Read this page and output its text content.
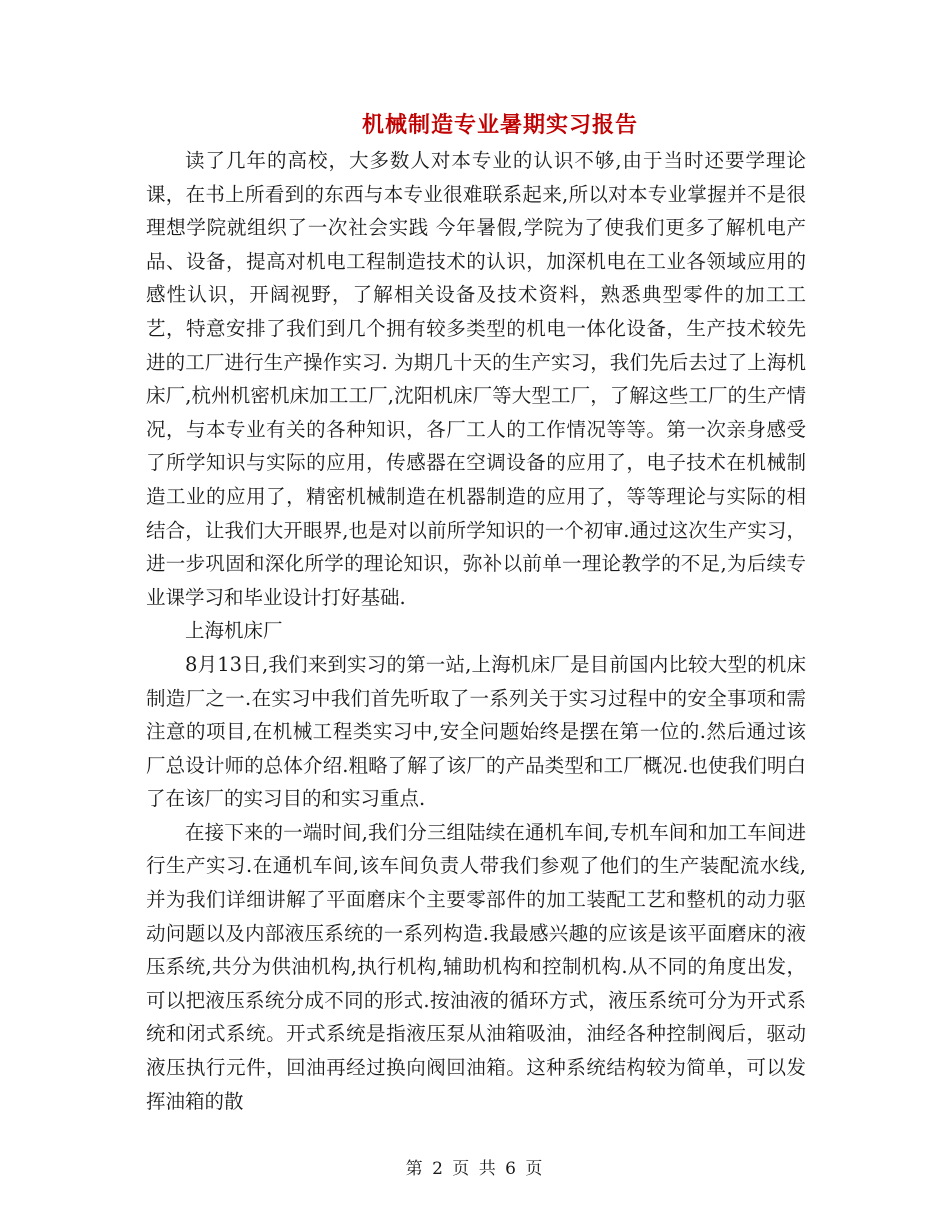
机械制造专业暑期实习报告

读了几年的高校，大多数人对本专业的认识不够,由于当时还要学理论课，在书上所看到的东西与本专业很难联系起来,所以对本专业掌握并不是很理想学院就组织了一次社会实践 今年暑假,学院为了使我们更多了解机电产品、设备，提高对机电工程制造技术的认识，加深机电在工业各领域应用的感性认识，开阔视野，了解相关设备及技术资料，熟悉典型零件的加工工艺，特意安排了我们到几个拥有较多类型的机电一体化设备，生产技术较先进的工厂进行生产操作实习. 为期几十天的生产实习，我们先后去过了上海机床厂,杭州机密机床加工工厂,沈阳机床厂等大型工厂，了解这些工厂的生产情况，与本专业有关的各种知识，各厂工人的工作情况等等。第一次亲身感受了所学知识与实际的应用，传感器在空调设备的应用了，电子技术在机械制造工业的应用了，精密机械制造在机器制造的应用了，等等理论与实际的相结合，让我们大开眼界,也是对以前所学知识的一个初审.通过这次生产实习，进一步巩固和深化所学的理论知识，弥补以前单一理论教学的不足,为后续专业课学习和毕业设计打好基础.

上海机床厂

8月13日,我们来到实习的第一站,上海机床厂是目前国内比较大型的机床制造厂之一.在实习中我们首先听取了一系列关于实习过程中的安全事项和需注意的项目,在机械工程类实习中,安全问题始终是摆在第一位的.然后通过该厂总设计师的总体介绍.粗略了解了该厂的产品类型和工厂概况.也使我们明白了在该厂的实习目的和实习重点.

在接下来的一端时间,我们分三组陆续在通机车间,专机车间和加工车间进行生产实习.在通机车间,该车间负责人带我们参观了他们的生产装配流水线,并为我们详细讲解了平面磨床个主要零部件的加工装配工艺和整机的动力驱动问题以及内部液压系统的一系列构造.我最感兴趣的应该是该平面磨床的液压系统,共分为供油机构,执行机构,辅助机构和控制机构.从不同的角度出发，可以把液压系统分成不同的形式.按油液的循环方式，液压系统可分为开式系统和闭式系统。开式系统是指液压泵从油箱吸油，油经各种控制阀后，驱动液压执行元件，回油再经过换向阀回油箱。这种系统结构较为简单，可以发挥油箱的散

第 2 页 共 6 页
